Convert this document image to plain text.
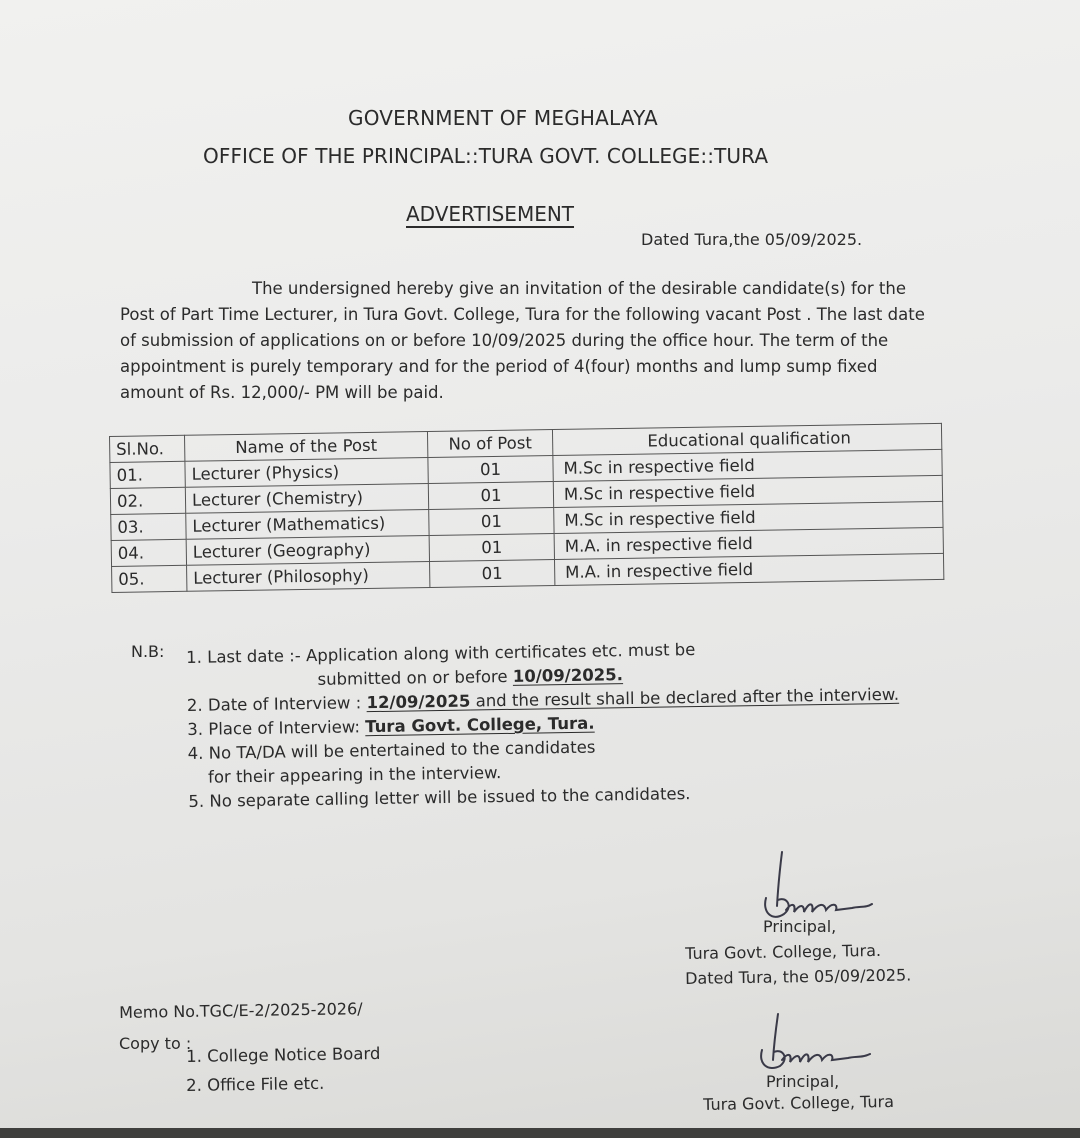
GOVERNMENT OF MEGHALAYA
OFFICE OF THE PRINCIPAL::TURA GOVT. COLLEGE::TURA
ADVERTISEMENT
Dated Tura,the 05/09/2025.
The undersigned hereby give an invitation of the desirable candidate(s) for the Post of Part Time Lecturer, in Tura Govt. College, Tura for the following vacant Post . The last date of submission of applications on or before 10/09/2025 during the office hour. The term of the appointment is purely temporary and for the period of 4(four) months and lump sump fixed amount of Rs. 12,000/- PM will be paid.
Sl.No.	Name of the Post	No of Post	Educational qualification
01.	Lecturer (Physics)	01	M.Sc in respective field
02.	Lecturer (Chemistry)	01	M.Sc in respective field
03.	Lecturer (Mathematics)	01	M.Sc in respective field
04.	Lecturer (Geography)	01	M.A. in respective field
05.	Lecturer (Philosophy)	01	M.A. in respective field
N.B: 1. Last date :- Application along with certificates etc. must be
submitted on or before 10/09/2025.
2. Date of Interview : 12/09/2025 and the result shall be declared after the interview.
3. Place of Interview: Tura Govt. College, Tura.
4. No TA/DA will be entertained to the candidates
for their appearing in the interview.
5. No separate calling letter will be issued to the candidates.
Principal,
Tura Govt. College, Tura.
Dated Tura, the 05/09/2025.
Memo No.TGC/E-2/2025-2026/
Copy to :
1. College Notice Board
2. Office File etc.	Principal,
Tura Govt. College, Tura
